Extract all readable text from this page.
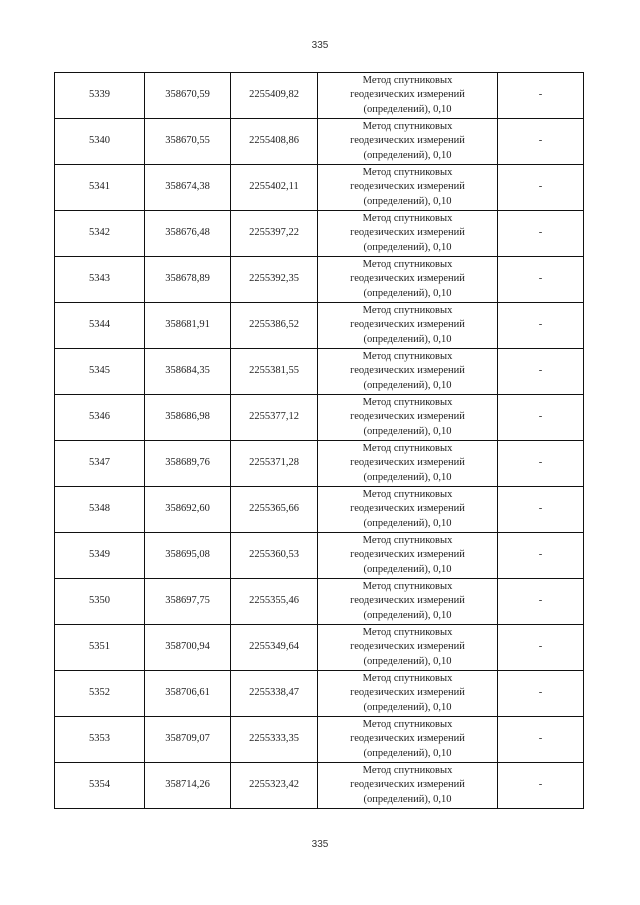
335
5339	358670,59	2255409,82	Метод спутниковых
геодезических измерений
(определений), 0,10	-
5340	358670,55	2255408,86	Метод спутниковых
геодезических измерений
(определений), 0,10	-
5341	358674,38	2255402,11	Метод спутниковых
геодезических измерений
(определений), 0,10	-
5342	358676,48	2255397,22	Метод спутниковых
геодезических измерений
(определений), 0,10	-
5343	358678,89	2255392,35	Метод спутниковых
геодезических измерений
(определений), 0,10	-
5344	358681,91	2255386,52	Метод спутниковых
геодезических измерений
(определений), 0,10	-
5345	358684,35	2255381,55	Метод спутниковых
геодезических измерений
(определений), 0,10	-
5346	358686,98	2255377,12	Метод спутниковых
геодезических измерений
(определений), 0,10	-
5347	358689,76	2255371,28	Метод спутниковых
геодезических измерений
(определений), 0,10	-
5348	358692,60	2255365,66	Метод спутниковых
геодезических измерений
(определений), 0,10	-
5349	358695,08	2255360,53	Метод спутниковых
геодезических измерений
(определений), 0,10	-
5350	358697,75	2255355,46	Метод спутниковых
геодезических измерений
(определений), 0,10	-
5351	358700,94	2255349,64	Метод спутниковых
геодезических измерений
(определений), 0,10	-
5352	358706,61	2255338,47	Метод спутниковых
геодезических измерений
(определений), 0,10	-
5353	358709,07	2255333,35	Метод спутниковых
геодезических измерений
(определений), 0,10	-
5354	358714,26	2255323,42	Метод спутниковых
геодезических измерений
(определений), 0,10	-
335
